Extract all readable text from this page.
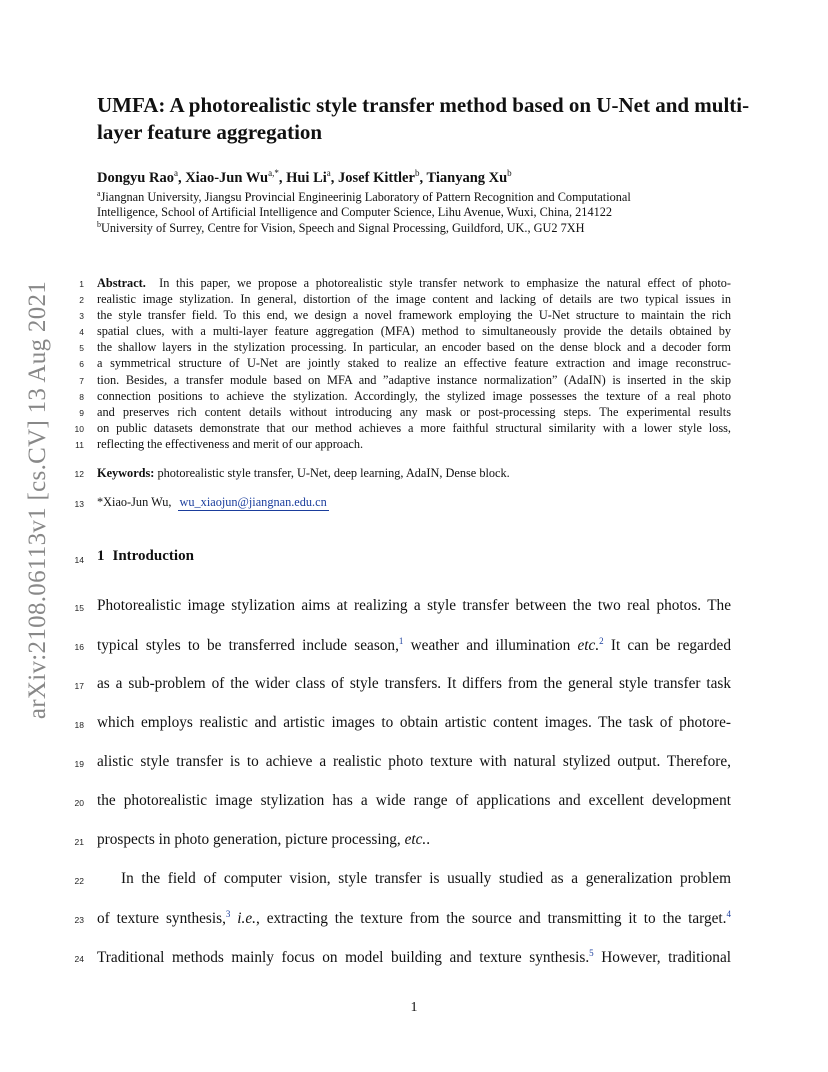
arXiv:2108.06113v1 [cs.CV] 13 Aug 2021
UMFA: A photorealistic style transfer method based on U-Net and multi-layer feature aggregation
Dongyu Rao$^a$, Xiao-Jun $Wu^{a,*}$, Hui Li$^a$, Josef Kittler$^b$, Tianyang Xu$^b$
$^a$Jiangnan University, Jiangsu Provincial Engineerinig Laboratory of Pattern Recognition and Computational
Intelligence, School of Artificial Intelligence and Computer Science, Lihu Avenue, Wuxi, China, 214122
$^b$University of Surrey, Centre for Vision, Speech and Signal Processing, Guildford, UK., GU2 7XH
1
2
3
4
5
6
7
8
9
10
11
12
13
14
15
16
17
18
19
20
21
22
23
24
Abstract. In this paper, we propose a photorealistic style transfer network to emphasize the natural effect of photo-
realistic image stylization. In general, distortion of the image content and lacking of details are two typical issues in
the style transfer field. To this end, we design a novel framework employing the U-Net structure to maintain the rich
spatial clues, with a multi-layer feature aggregation (MFA) method to simultaneously provide the details obtained by
the shallow layers in the stylization processing. In particular, an encoder based on the dense block and a decoder form
a symmetrical structure of U-Net are jointly staked to realize an effective feature extraction and image reconstruc-
tion. Besides, a transfer module based on MFA and ”adaptive instance normalization” (AdaIN) is inserted in the skip
connection positions to achieve the stylization. Accordingly, the stylized image possesses the texture of a real photo
and preserves rich content details without introducing any mask or post-processing steps. The experimental results
on public datasets demonstrate that our method achieves a more faithful structural similarity with a lower style loss,
reflecting the effectiveness and merit of our approach.
Keywords: photorealistic style transfer, U-Net, deep learning, AdaIN, Dense block.
*Xiao-Jun Wu, wu_xiaojun@jiangnan.edu.cn
1 Introduction
Photorealistic image stylization aims at realizing a style transfer between the two real photos. The
typical styles to be transferred include season,$^1$ weather and illumination etc.$^2$ It can be regarded
as a sub-problem of the wider class of style transfers. It differs from the general style transfer task
which employs realistic and artistic images to obtain artistic content images. The task of photore-
alistic style transfer is to achieve a realistic photo texture with natural stylized output. Therefore,
the photorealistic image stylization has a wide range of applications and excellent development
prospects in photo generation, picture processing, etc..
In the field of computer vision, style transfer is usually studied as a generalization problem
of texture synthesis,$^3$ i.e., extracting the texture from the source and transmitting it to the target.$^4$
Traditional methods mainly focus on model building and texture synthesis.$^5$ However, traditional
1
